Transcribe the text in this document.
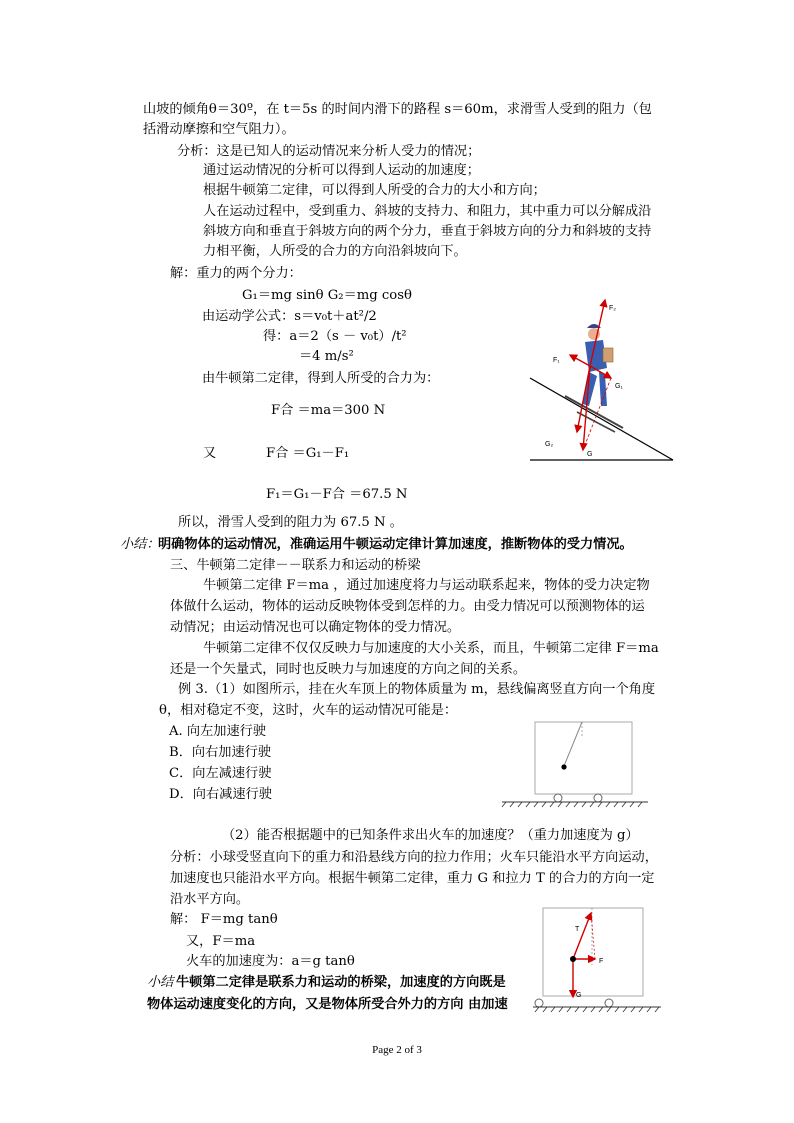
山坡的倾角θ＝30º，在 t＝5s 的时间内滑下的路程 s＝60m，求滑雪人受到的阻力（包
括滑动摩擦和空气阻力）。
分析：这是已知人的运动情况来分析人受力的情况；
通过运动情况的分析可以得到人运动的加速度；
根据牛顿第二定律，可以得到人所受的合力的大小和方向；
人在运动过程中，受到重力、斜坡的支持力、和阻力，其中重力可以分解成沿
斜坡方向和垂直于斜坡方向的两个分力，垂直于斜坡方向的分力和斜坡的支持
力相平衡，人所受的合力的方向沿斜坡向下。
解：重力的两个分力：
G₁＝mg sinθ G₂＝mg cosθ
由运动学公式：s＝v₀t＋at²/2
得：a＝2（s － v₀t）/t²
＝4 m/s²
由牛顿第二定律，得到人所受的合力为：
F合 ＝ma＝300 N
又	F合 ＝G₁－F₁
F₁＝G₁－F合 ＝67.5 N
所以，滑雪人受到的阻力为 67.5 N 。
小结：
明确物体的运动情况，准确运用牛顿运动定律计算加速度，推断物体的受力情况。
三、牛顿第二定律－－联系力和运动的桥梁
牛顿第二定律 F＝ma ，通过加速度将力与运动联系起来，物体的受力决定物
体做什么运动，物体的运动反映物体受到怎样的力。由受力情况可以预测物体的运
动情况；由运动情况也可以确定物体的受力情况。
牛顿第二定律不仅仅反映力与加速度的大小关系，而且，牛顿第二定律 F＝ma
还是一个矢量式，同时也反映力与加速度的方向之间的关系。
例 3.（1）如图所示，挂在火车顶上的物体质量为 m，悬线偏离竖直方向一个角度
θ，相对稳定不变，这时，火车的运动情况可能是：
A. 向左加速行驶
B．向右加速行驶
C．向左减速行驶
D．向右减速行驶
（2）能否根据题中的已知条件求出火车的加速度？（重力加速度为 g）
分析：小球受竖直向下的重力和沿悬线方向的拉力作用；火车只能沿水平方向运动，
加速度也只能沿水平方向。根据牛顿第二定律，重力 G 和拉力 T 的合力的方向一定
沿水平方向。
解： F＝mg tanθ
又，F＝ma
火车的加速度为：a＝g tanθ
小结 牛顿第二定律是联系力和运动的桥梁，加速度的方向既是
物体运动速度变化的方向，又是物体所受合外力的方向 由加速
F₂
F₁
G₁
G₂
G
T
F
G
Page 2 of 3
